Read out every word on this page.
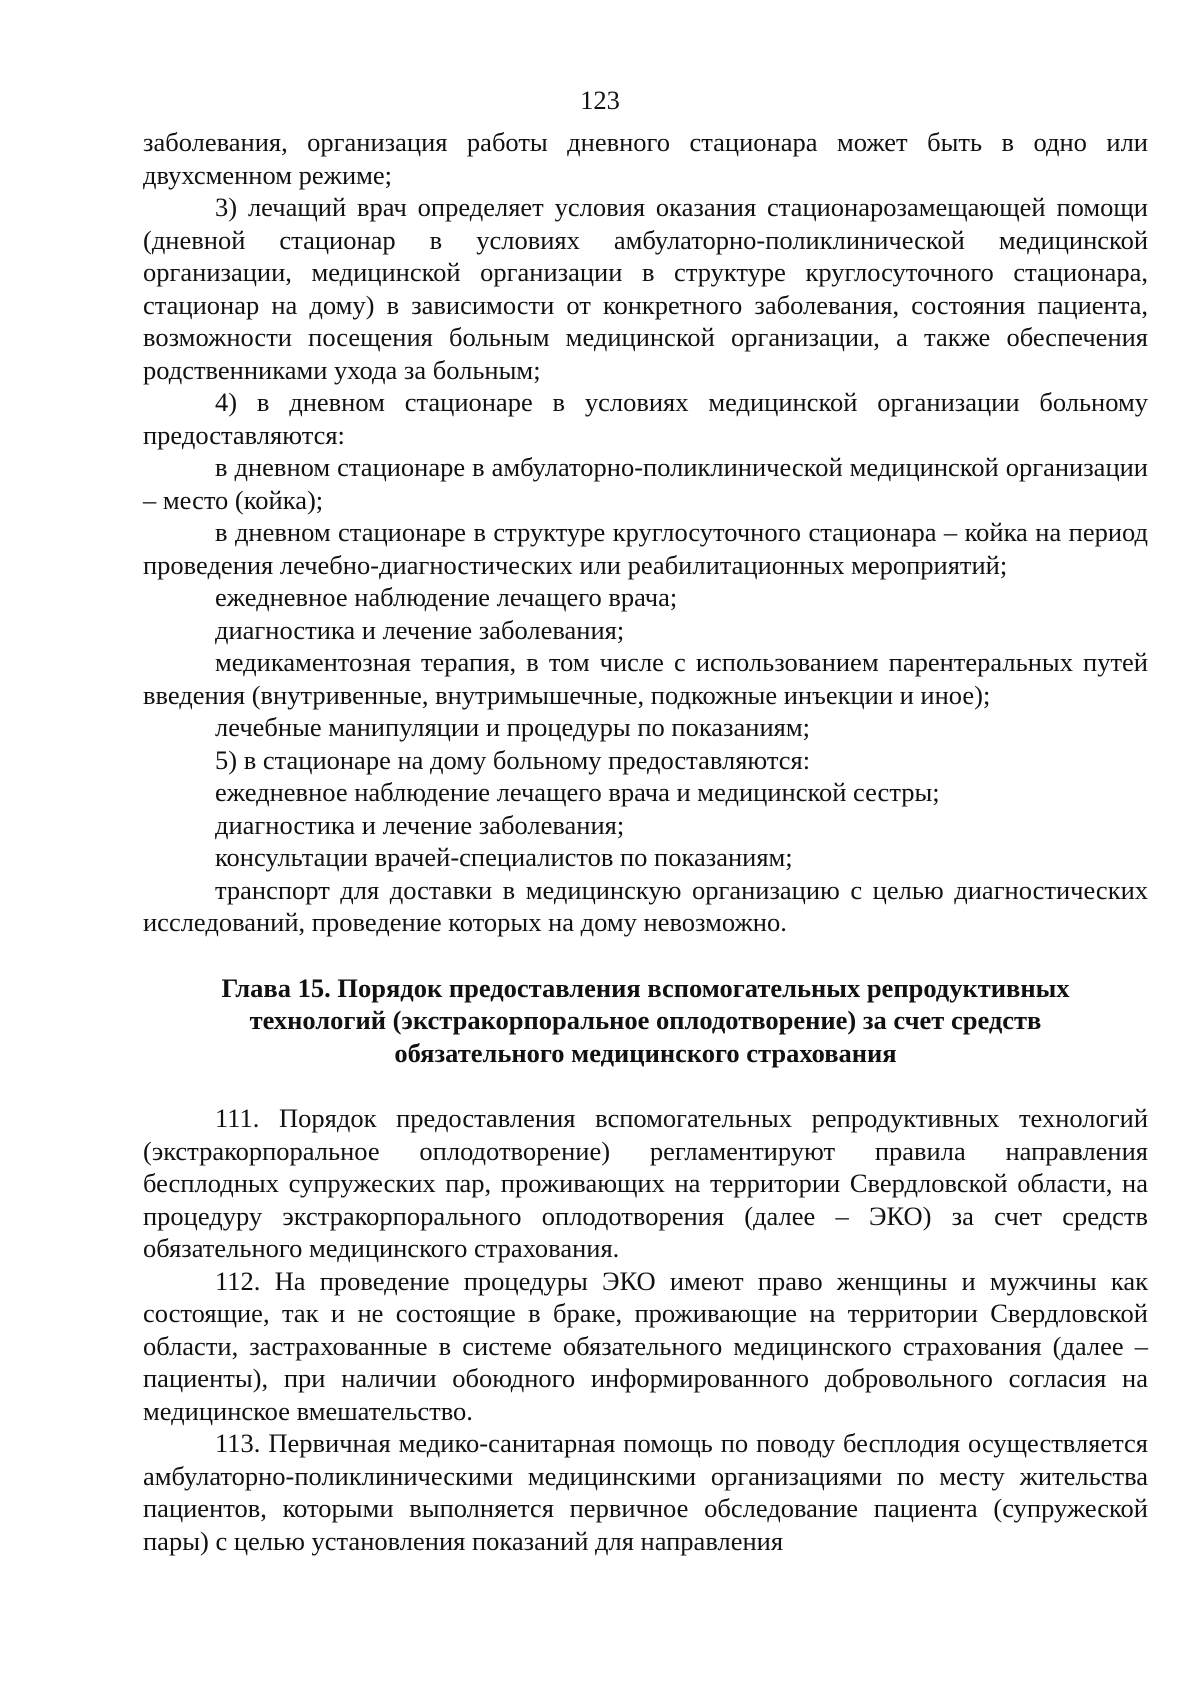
123

заболевания, организация работы дневного стационара может быть в одно или двухсменном режиме;

3) лечащий врач определяет условия оказания стационарозамещающей помощи (дневной стационар в условиях амбулаторно-поликлинической медицинской организации, медицинской организации в структуре круглосуточного стационара, стационар на дому) в зависимости от конкретного заболевания, состояния пациента, возможности посещения больным медицинской организации, а также обеспечения родственниками ухода за больным;

4) в дневном стационаре в условиях медицинской организации больному предоставляются:

в дневном стационаре в амбулаторно-поликлинической медицинской организации – место (койка);

в дневном стационаре в структуре круглосуточного стационара – койка на период проведения лечебно-диагностических или реабилитационных мероприятий;

ежедневное наблюдение лечащего врача;

диагностика и лечение заболевания;

медикаментозная терапия, в том числе с использованием парентеральных путей введения (внутривенные, внутримышечные, подкожные инъекции и иное);

лечебные манипуляции и процедуры по показаниям;

5) в стационаре на дому больному предоставляются:

ежедневное наблюдение лечащего врача и медицинской сестры;

диагностика и лечение заболевания;

консультации врачей-специалистов по показаниям;

транспорт для доставки в медицинскую организацию с целью диагностических исследований, проведение которых на дому невозможно.

Глава 15. Порядок предоставления вспомогательных репродуктивных
технологий (экстракорпоральное оплодотворение) за счет средств
обязательного медицинского страхования

111. Порядок предоставления вспомогательных репродуктивных технологий (экстракорпоральное оплодотворение) регламентируют правила направления бесплодных супружеских пар, проживающих на территории Свердловской области, на процедуру экстракорпорального оплодотворения (далее – ЭКО) за счет средств обязательного медицинского страхования.

112. На проведение процедуры ЭКО имеют право женщины и мужчины как состоящие, так и не состоящие в браке, проживающие на территории Свердловской области, застрахованные в системе обязательного медицинского страхования (далее – пациенты), при наличии обоюдного информированного добровольного согласия на медицинское вмешательство.

113. Первичная медико-санитарная помощь по поводу бесплодия осуществляется амбулаторно-поликлиническими медицинскими организациями по месту жительства пациентов, которыми выполняется первичное обследование пациента (супружеской пары) с целью установления показаний для направления
